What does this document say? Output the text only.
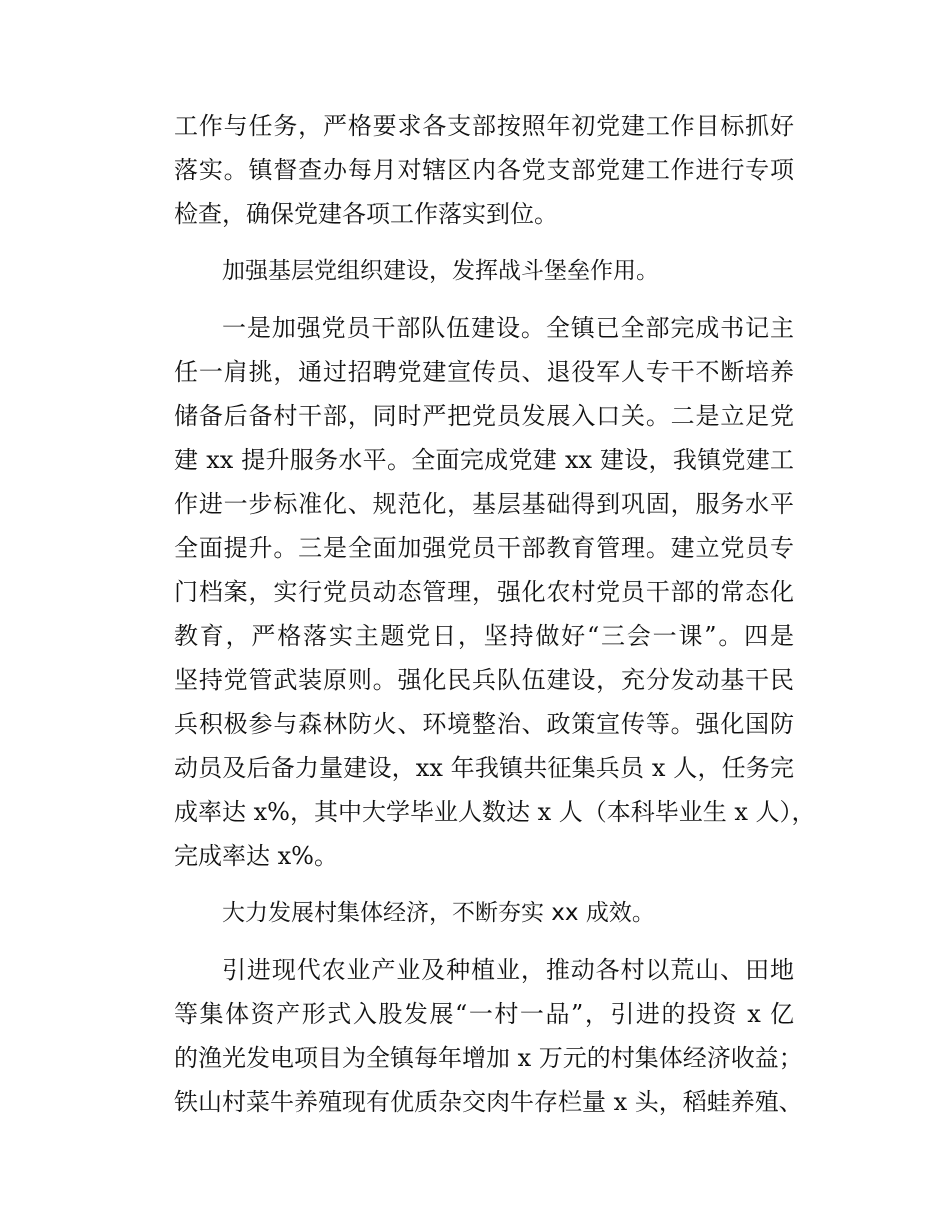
工作与任务，严格要求各支部按照年初党建工作目标抓好
落实。镇督查办每月对辖区内各党支部党建工作进行专项
检查，确保党建各项工作落实到位。
加强基层党组织建设，发挥战斗堡垒作用。
一是加强党员干部队伍建设。全镇已全部完成书记主
任一肩挑，通过招聘党建宣传员、退役军人专干不断培养
储备后备村干部，同时严把党员发展入口关。二是立足党
建 xx 提升服务水平。全面完成党建 xx 建设，我镇党建工
作进一步标准化、规范化，基层基础得到巩固，服务水平
全面提升。三是全面加强党员干部教育管理。建立党员专
门档案，实行党员动态管理，强化农村党员干部的常态化
教育，严格落实主题党日，坚持做好“三会一课”。四是
坚持党管武装原则。强化民兵队伍建设，充分发动基干民
兵积极参与森林防火、环境整治、政策宣传等。强化国防
动员及后备力量建设，xx 年我镇共征集兵员 x 人，任务完
成率达 x%，其中大学毕业人数达 x 人（本科毕业生 x 人），
完成率达 x%。
大力发展村集体经济，不断夯实 xx 成效。
引进现代农业产业及种植业，推动各村以荒山、田地
等集体资产形式入股发展“一村一品”，引进的投资 x 亿
的渔光发电项目为全镇每年增加 x 万元的村集体经济收益；
铁山村菜牛养殖现有优质杂交肉牛存栏量 x 头，稻蛙养殖、
